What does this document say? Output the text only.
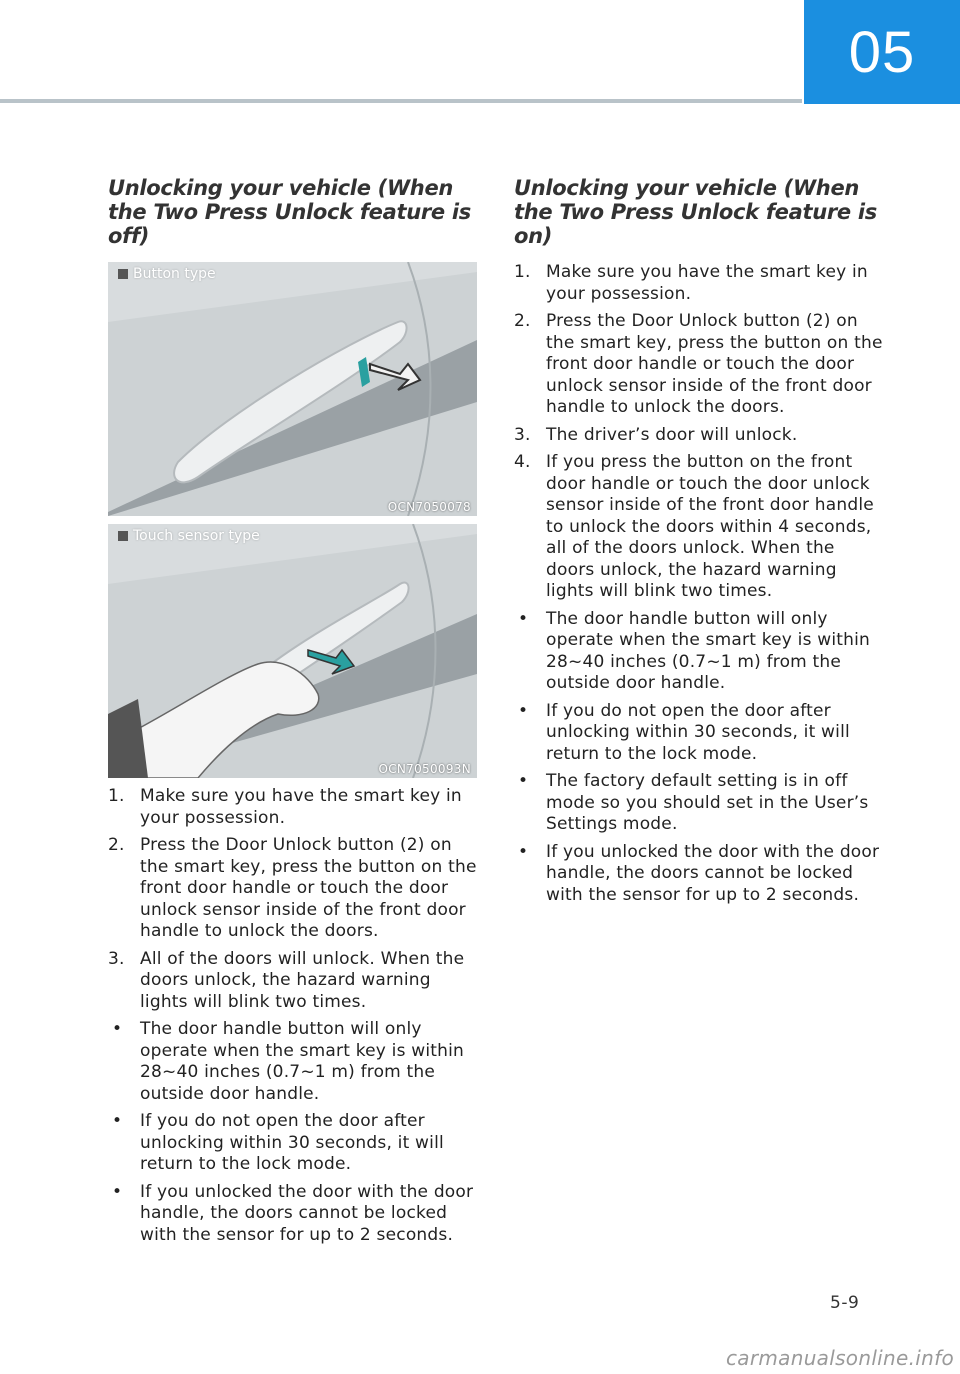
05
Unlocking your vehicle (When the Two Press Unlock feature is off)
Button type
OCN7050078
Touch sensor type
OCN7050093N
1. Make sure you have the smart key in your possession.
2. Press the Door Unlock button (2) on the smart key, press the button on the front door handle or touch the door unlock sensor inside of the front door handle to unlock the doors.
3. All of the doors will unlock. When the doors unlock, the hazard warning lights will blink two times.
• The door handle button will only operate when the smart key is within 28~40 inches (0.7~1 m) from the outside door handle.
• If you do not open the door after unlocking within 30 seconds, it will return to the lock mode.
• If you unlocked the door with the door handle, the doors cannot be locked with the sensor for up to 2 seconds.
Unlocking your vehicle (When the Two Press Unlock feature is on)
1. Make sure you have the smart key in your possession.
2. Press the Door Unlock button (2) on the smart key, press the button on the front door handle or touch the door unlock sensor inside of the front door handle to unlock the doors.
3. The driver’s door will unlock.
4. If you press the button on the front door handle or touch the door unlock sensor inside of the front door handle to unlock the doors within 4 seconds, all of the doors unlock. When the doors unlock, the hazard warning lights will blink two times.
• The door handle button will only operate when the smart key is within 28~40 inches (0.7~1 m) from the outside door handle.
• If you do not open the door after unlocking within 30 seconds, it will return to the lock mode.
• The factory default setting is in off mode so you should set in the User’s Settings mode.
• If you unlocked the door with the door handle, the doors cannot be locked with the sensor for up to 2 seconds.
5-9
carmanualsonline.info
